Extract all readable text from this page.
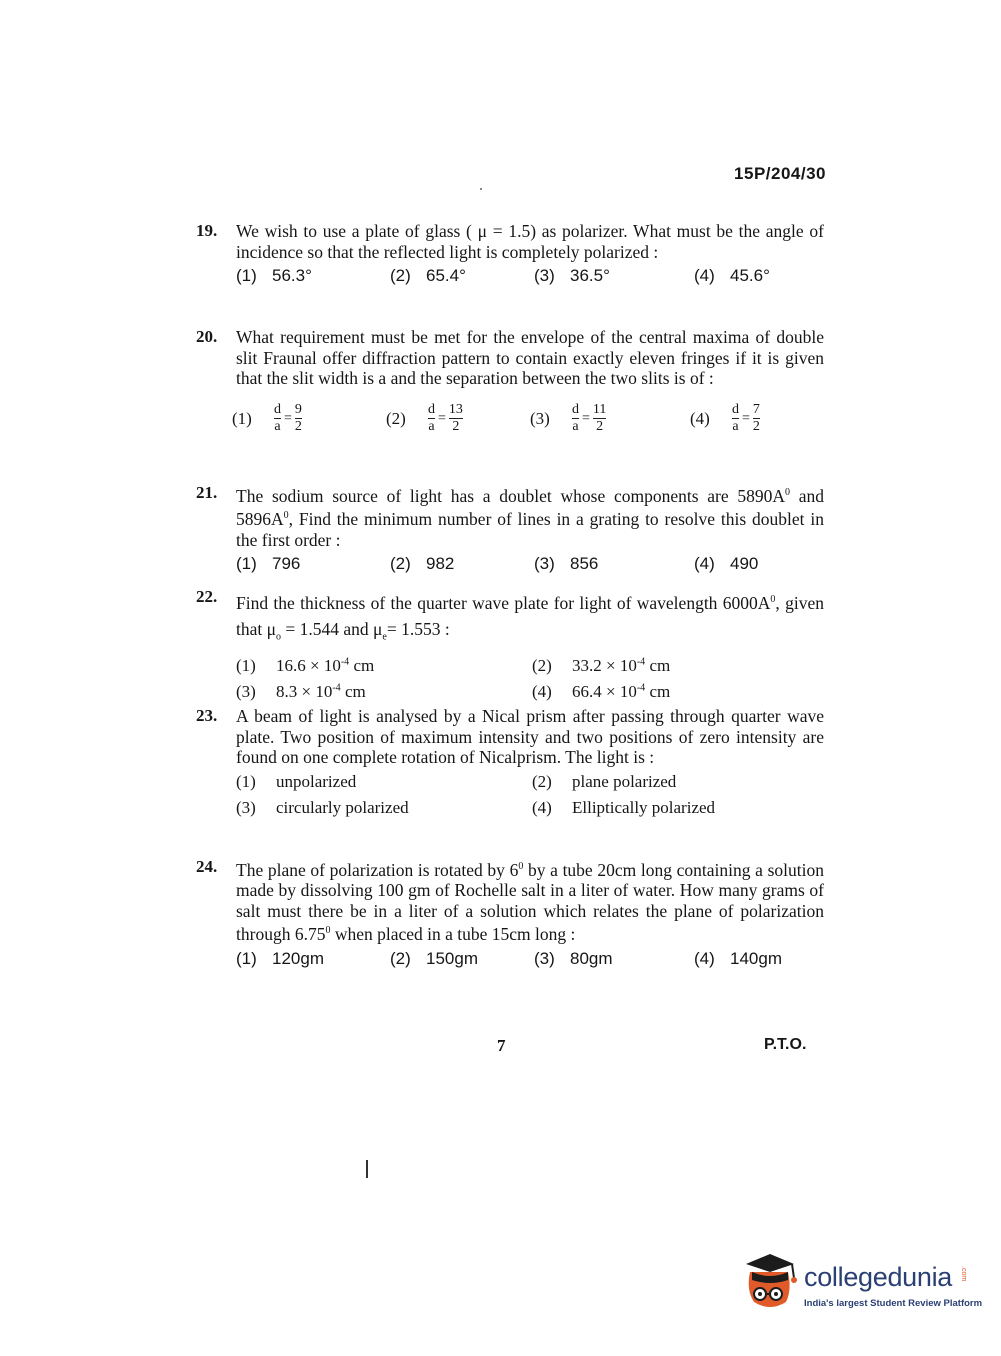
15P/204/30
19.	We wish to use a plate of glass ( μ = 1.5) as polarizer. What must be the angle of incidence so that the reflected light is completely polarized :
(1) 56.3°	(2) 65.4°	(3) 36.5°	(4) 45.6°
20.	What requirement must be met for the envelope of the central maxima of double slit Fraunal offer diffraction pattern to contain exactly eleven fringes if it is given that the slit width is a and the separation between the two slits is of :
(1)	$\frac{d}{a} = \frac{9}{2}$	(2)	$\frac{d}{a} = \frac{13}{2}$	(3)	$\frac{d}{a} = \frac{11}{2}$	(4)	$\frac{d}{a} = \frac{7}{2}$
21.	The sodium source of light has a doublet whose components are $5890A^0$ and $5896A^0$, Find the minimum number of lines in a grating to resolve this doublet in the first order :
(1) 796	(2) 982	(3) 856	(4) 490
22.	Find the thickness of the quarter wave plate for light of wavelength $6000A^0$, given that $\mu_o = 1.544$ and $\mu_e= 1.553$ :
(1) $16.6 \times 10^{-4}$ cm	(2) $33.2 \times 10^{-4}$ cm
(3) $8.3 \times 10^{-4}$ cm	(4) $66.4 \times 10^{-4}$ cm
23.	A beam of light is analysed by a Nical prism after passing through quarter wave plate. Two position of maximum intensity and two positions of zero intensity are found on one complete rotation of Nicalprism. The light is :
(1) unpolarized	(2) plane polarized
(3) circularly polarized	(4) Elliptically polarized
24.	The plane of polarization is rotated by $6^0$ by a tube 20cm long containing a solution made by dissolving 100 gm of Rochelle salt in a liter of water. How many grams of salt must there be in a liter of a solution which relates the plane of polarization through 6.75$^0$ when placed in a tube 15cm long :
(1) 120gm	(2) 150gm	(3) 80gm	(4) 140gm
7	P.T.O.
collegedunia .com
India's largest Student Review Platform
